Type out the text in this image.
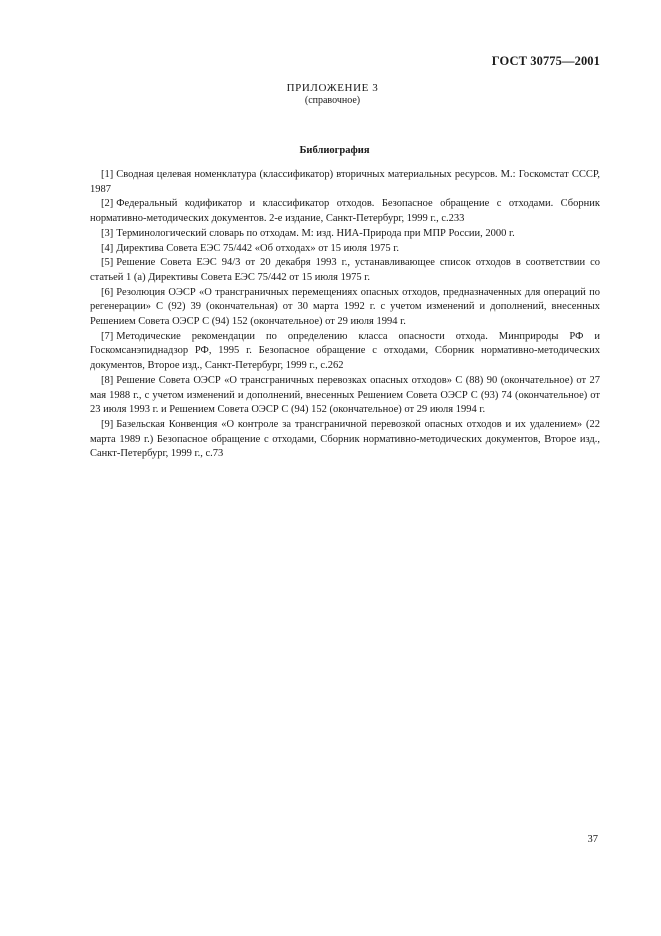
ГОСТ 30775—2001
ПРИЛОЖЕНИЕ 3
(справочное)
Библиография
[1] Сводная целевая номенклатура (классификатор) вторичных материальных ресурсов. М.: Госкомстат СССР, 1987
[2] Федеральный кодификатор и классификатор отходов. Безопасное обращение с отходами. Сборник нормативно-методических документов. 2-е издание, Санкт-Петербург, 1999 г., с.233
[3] Терминологический словарь по отходам. М: изд. НИА-Природа при МПР России, 2000 г.
[4] Директива Совета ЕЭС 75/442 «Об отходах» от 15 июля 1975 г.
[5] Решение Совета ЕЭС 94/3 от 20 декабря 1993 г., устанавливающее список отходов в соответствии со статьей 1 (а) Директивы Совета ЕЭС 75/442 от 15 июля 1975 г.
[6] Резолюция ОЭСР «О трансграничных перемещениях опасных отходов, предназначенных для операций по регенерации» С (92) 39 (окончательная) от 30 марта 1992 г. с учетом изменений и дополнений, внесенных Решением Совета ОЭСР С (94) 152 (окончательное) от 29 июля 1994 г.
[7] Методические рекомендации по определению класса опасности отхода. Минприроды РФ и Госкомсанэпиднадзор РФ, 1995 г. Безопасное обращение с отходами, Сборник нормативно-методических документов, Второе изд., Санкт-Петербург, 1999 г., с.262
[8] Решение Совета ОЭСР «О трансграничных перевозках опасных отходов» С (88) 90 (окончательное) от 27 мая 1988 г., с учетом изменений и дополнений, внесенных Решением Совета ОЭСР С (93) 74 (окончательное) от 23 июля 1993 г. и Решением Совета ОЭСР С (94) 152 (окончательное) от 29 июля 1994 г.
[9] Базельская Конвенция «О контроле за трансграничной перевозкой опасных отходов и их удалением» (22 марта 1989 г.) Безопасное обращение с отходами, Сборник нормативно-методических документов, Второе изд., Санкт-Петербург, 1999 г., с.73
37
